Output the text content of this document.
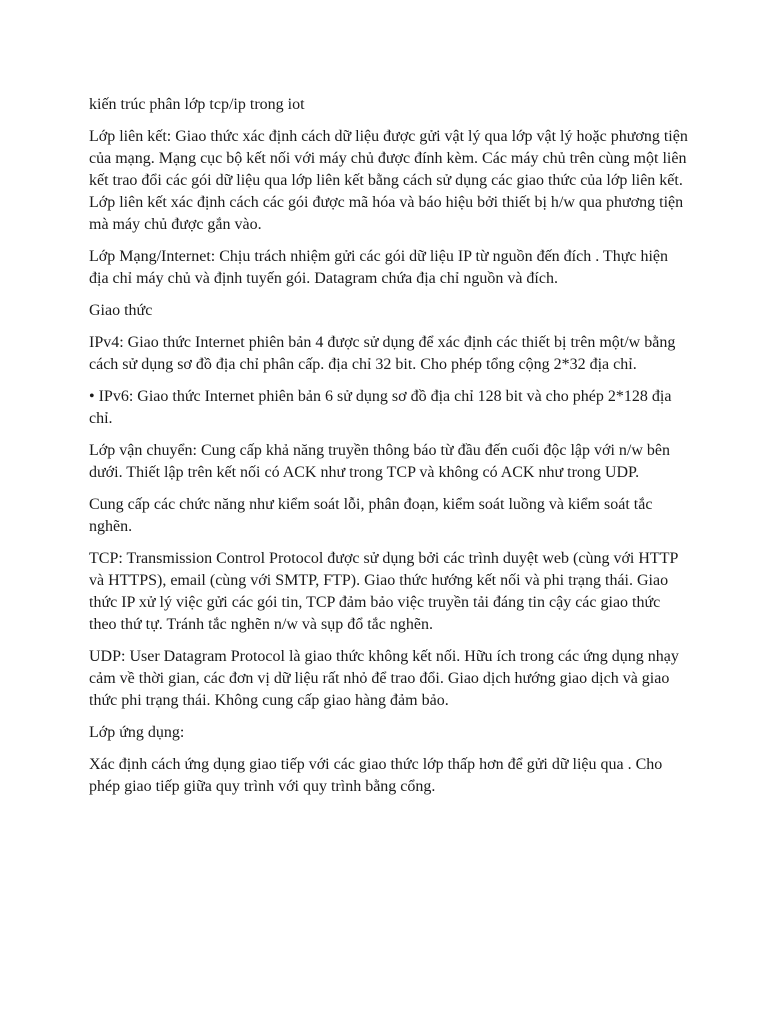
kiến trúc phân lớp tcp/ip trong iot

Lớp liên kết: Giao thức xác định cách dữ liệu được gửi vật lý qua lớp vật lý hoặc phương tiện của mạng. Mạng cục bộ kết nối với máy chủ được đính kèm. Các máy chủ trên cùng một liên kết trao đổi các gói dữ liệu qua lớp liên kết bằng cách sử dụng các giao thức của lớp liên kết. Lớp liên kết xác định cách các gói được mã hóa và báo hiệu bởi thiết bị h/w qua phương tiện mà máy chủ được gắn vào.

Lớp Mạng/Internet: Chịu trách nhiệm gửi các gói dữ liệu IP từ nguồn đến đích . Thực hiện địa chỉ máy chủ và định tuyến gói. Datagram chứa địa chỉ nguồn và đích.

Giao thức

IPv4: Giao thức Internet phiên bản 4 được sử dụng để xác định các thiết bị trên một/w bằng cách sử dụng sơ đồ địa chỉ phân cấp. địa chỉ 32 bit. Cho phép tổng cộng 2*32 địa chỉ.

• IPv6: Giao thức Internet phiên bản 6 sử dụng sơ đồ địa chỉ 128 bit và cho phép 2*128 địa chỉ.

Lớp vận chuyển: Cung cấp khả năng truyền thông báo từ đầu đến cuối độc lập với n/w bên dưới. Thiết lập trên kết nối có ACK như trong TCP và không có ACK như trong UDP.

Cung cấp các chức năng như kiểm soát lỗi, phân đoạn, kiểm soát luồng và kiểm soát tắc nghẽn.

TCP: Transmission Control Protocol được sử dụng bởi các trình duyệt web (cùng với HTTP và HTTPS), email (cùng với SMTP, FTP). Giao thức hướng kết nối và phi trạng thái. Giao thức IP xử lý việc gửi các gói tin, TCP đảm bảo việc truyền tải đáng tin cậy các giao thức theo thứ tự. Tránh tắc nghẽn n/w và sụp đổ tắc nghẽn.

UDP: User Datagram Protocol là giao thức không kết nối. Hữu ích trong các ứng dụng nhạy cảm về thời gian, các đơn vị dữ liệu rất nhỏ để trao đổi. Giao dịch hướng giao dịch và giao thức phi trạng thái. Không cung cấp giao hàng đảm bảo.

Lớp ứng dụng:

Xác định cách ứng dụng giao tiếp với các giao thức lớp thấp hơn để gửi dữ liệu qua . Cho phép giao tiếp giữa quy trình với quy trình bằng cổng.
